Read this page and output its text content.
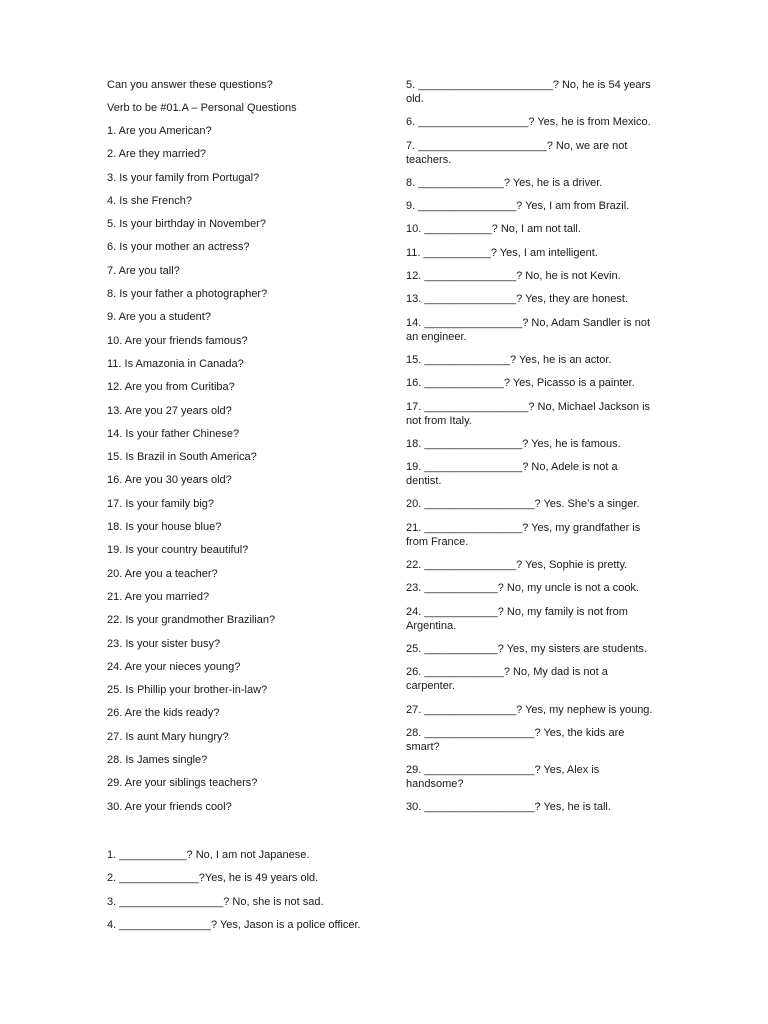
Can you answer these questions?

Verb to be #01.A – Personal Questions

1. Are you American?

2. Are they married?

3. Is your family from Portugal?

4. Is she French?

5. Is your birthday in November?

6. Is your mother an actress?

7. Are you tall?

8. Is your father a photographer?

9. Are you a student?

10. Are your friends famous?

11. Is Amazonia in Canada?

12. Are you from Curitiba?

13. Are you 27 years old?

14. Is your father Chinese?

15. Is Brazil in South America?

16. Are you 30 years old?

17. Is your family big?

18. Is your house blue?

19. Is your country beautiful?

20. Are you a teacher?

21. Are you married?

22. Is your grandmother Brazilian?

23. Is your sister busy?

24. Are your nieces young?

25. Is Phillip your brother-in-law?

26. Are the kids ready?

27. Is aunt Mary hungry?

28. Is James single?

29. Are your siblings teachers?

30. Are your friends cool?

1. ___________? No, I am not Japanese.

2. _____________?Yes, he is 49 years old.

3. _________________? No, she is not sad.

4. _______________? Yes, Jason is a police officer.

5. ______________________? No, he is 54 years old.

6. __________________? Yes, he is from Mexico.

7. _____________________? No, we are not teachers.

8. ______________? Yes, he is a driver.

9. ________________? Yes, I am from Brazil.

10. ___________? No, I am not tall.

11. ___________? Yes, I am intelligent.

12. _______________? No, he is not Kevin.

13. _______________? Yes, they are honest.

14. ________________? No, Adam Sandler is not an engineer.

15. ______________? Yes, he is an actor.

16. _____________? Yes, Picasso is a painter.

17. _________________? No, Michael Jackson is not from Italy.

18. ________________? Yes, he is famous.

19. ________________? No, Adele is not a dentist.

20. __________________? Yes. She’s a singer.

21. ________________? Yes, my grandfather is from France.

22. _______________? Yes, Sophie is pretty.

23. ____________? No, my uncle is not a cook.

24. ____________? No, my family is not from Argentina.

25. ____________? Yes, my sisters are students.

26. _____________? No, My dad is not a carpenter.

27. _______________? Yes, my nephew is young.

28. __________________? Yes, the kids are smart?

29. __________________? Yes, Alex is handsome?

30. __________________? Yes, he is tall.
